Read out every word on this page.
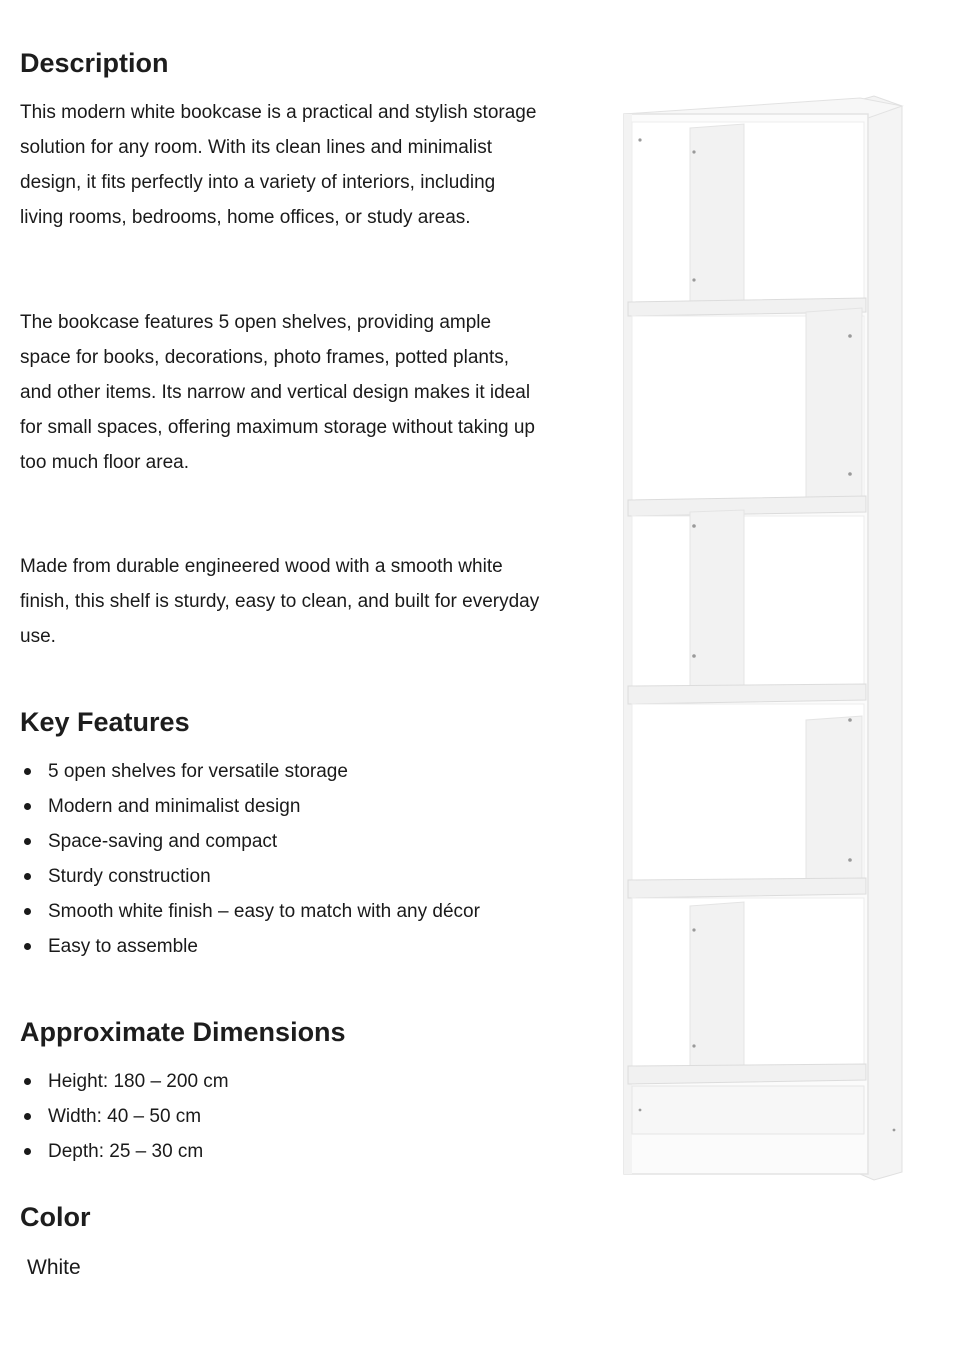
Description

This modern white bookcase is a practical and stylish storage solution for any room. With its clean lines and minimalist design, it fits perfectly into a variety of interiors, including living rooms, bedrooms, home offices, or study areas.

The bookcase features 5 open shelves, providing ample space for books, decorations, photo frames, potted plants, and other items. Its narrow and vertical design makes it ideal for small spaces, offering maximum storage without taking up too much floor area.

Made from durable engineered wood with a smooth white finish, this shelf is sturdy, easy to clean, and built for everyday use.

Key Features
5 open shelves for versatile storage
Modern and minimalist design
Space-saving and compact
Sturdy construction
Smooth white finish – easy to match with any décor
Easy to assemble
Approximate Dimensions
Height: 180 – 200 cm
Width: 40 – 50 cm
Depth: 25 – 30 cm
Color
White
